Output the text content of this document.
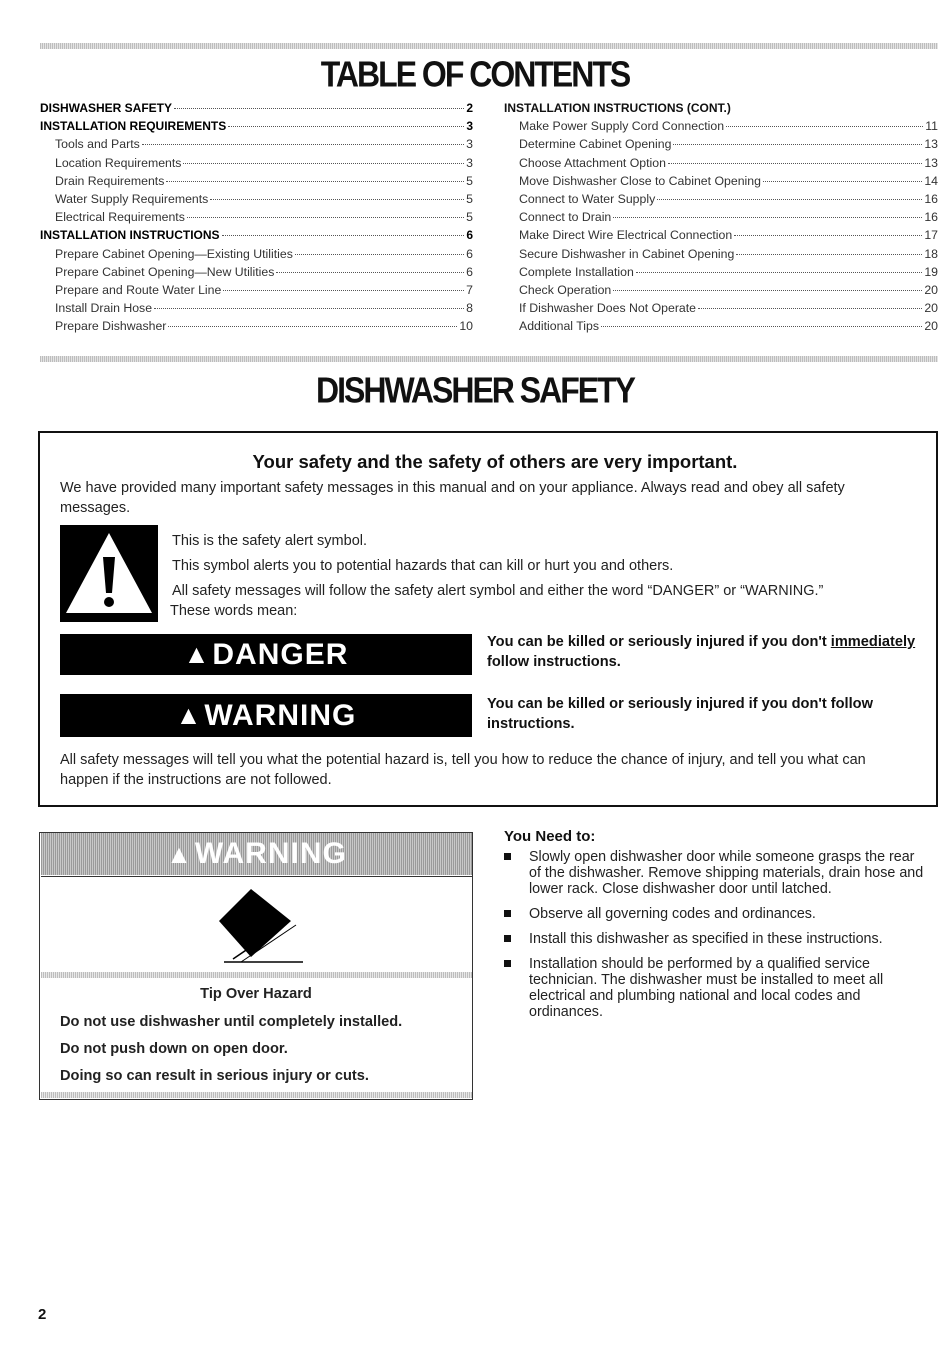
TABLE OF CONTENTS
DISHWASHER SAFETY	2
INSTALLATION REQUIREMENTS	3
Tools and Parts	3
Location Requirements	3
Drain Requirements	5
Water Supply Requirements	5
Electrical Requirements	5
INSTALLATION INSTRUCTIONS	6
Prepare Cabinet Opening—Existing Utilities	6
Prepare Cabinet Opening—New Utilities	6
Prepare and Route Water Line	7
Install Drain Hose	8
Prepare Dishwasher	10
INSTALLATION INSTRUCTIONS (CONT.)
Make Power Supply Cord Connection	11
Determine Cabinet Opening	13
Choose Attachment Option	13
Move Dishwasher Close to Cabinet Opening	14
Connect to Water Supply	16
Connect to Drain	16
Make Direct Wire Electrical Connection	17
Secure Dishwasher in Cabinet Opening	18
Complete Installation	19
Check Operation	20
If Dishwasher Does Not Operate	20
Additional Tips	20
DISHWASHER SAFETY
Your safety and the safety of others are very important.
We have provided many important safety messages in this manual and on your appliance. Always read and obey all safety
messages.
This is the safety alert symbol.
This symbol alerts you to potential hazards that can kill or hurt you and others.
All safety messages will follow the safety alert symbol and either the word “DANGER” or “WARNING.”
These words mean:
▲ DANGER	You can be killed or seriously injured if you don't immediately
follow instructions.
▲ WARNING	You can be killed or seriously injured if you don't follow
instructions.
All safety messages will tell you what the potential hazard is, tell you how to reduce the chance of injury, and tell you what can
happen if the instructions are not followed.
▲ WARNING
Tip Over Hazard
Do not use dishwasher until completely installed.
Do not push down on open door.
Doing so can result in serious injury or cuts.
You Need to:
Slowly open dishwasher door while someone grasps the rear
of the dishwasher. Remove shipping materials, drain hose and
lower rack. Close dishwasher door until latched.
Observe all governing codes and ordinances.
Install this dishwasher as specified in these instructions.
Installation should be performed by a qualified service
technician. The dishwasher must be installed to meet all
electrical and plumbing national and local codes and
ordinances.
2
